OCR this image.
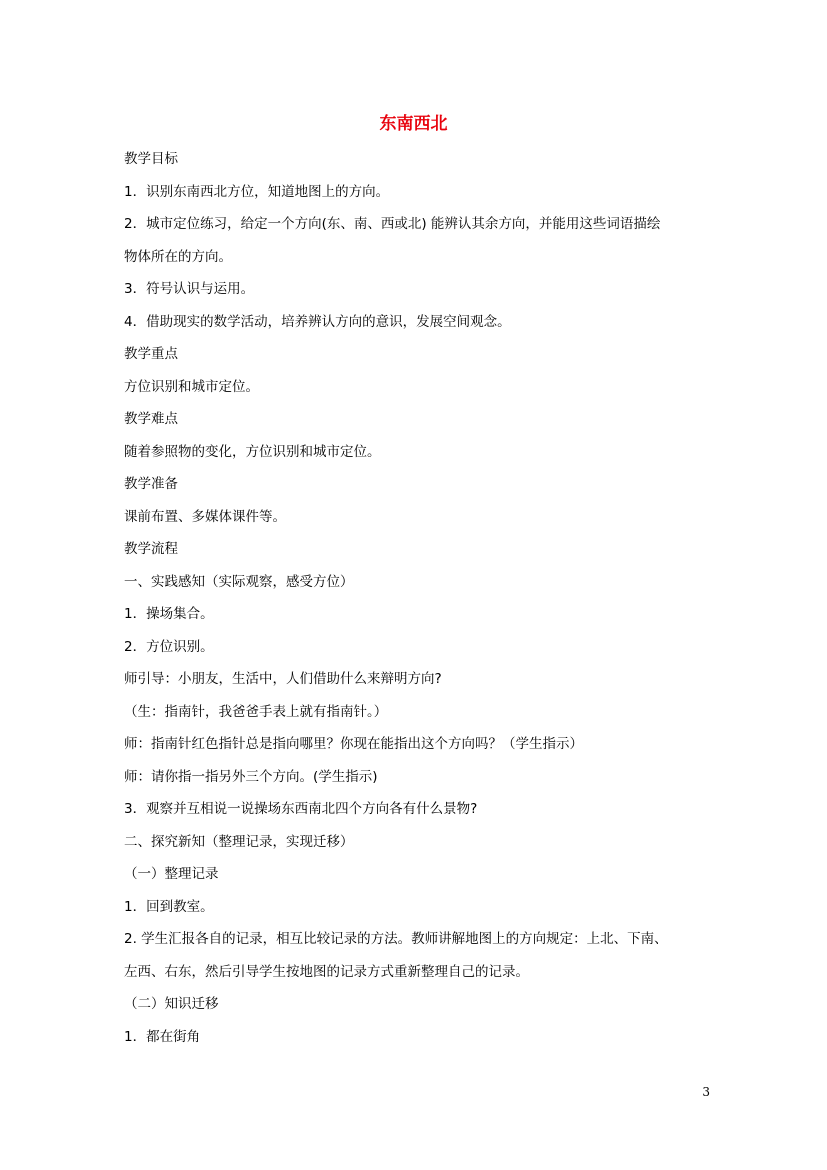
东南西北
教学目标
1．识别东南西北方位，知道地图上的方向。
2．城市定位练习，给定一个方向(东、南、西或北) 能辨认其余方向，并能用这些词语描绘
物体所在的方向。
3．符号认识与运用。
4．借助现实的数学活动，培养辨认方向的意识，发展空间观念。
教学重点
方位识别和城市定位。
教学难点
随着参照物的变化，方位识别和城市定位。
教学准备
课前布置、多媒体课件等。
教学流程
一、实践感知（实际观察，感受方位）
1．操场集合。
2．方位识别。
师引导：小朋友，生活中，人们借助什么来辩明方向?
（生：指南针，我爸爸手表上就有指南针。）
师：指南针红色指针总是指向哪里？你现在能指出这个方向吗？（学生指示）
师：请你指一指另外三个方向。(学生指示)
3．观察并互相说一说操场东西南北四个方向各有什么景物?
二、探究新知（整理记录，实现迁移）
（一）整理记录
1．回到教室。
2. 学生汇报各自的记录，相互比较记录的方法。教师讲解地图上的方向规定：上北、下南、
左西、右东，然后引导学生按地图的记录方式重新整理自己的记录。
（二）知识迁移
1．都在街角
3
